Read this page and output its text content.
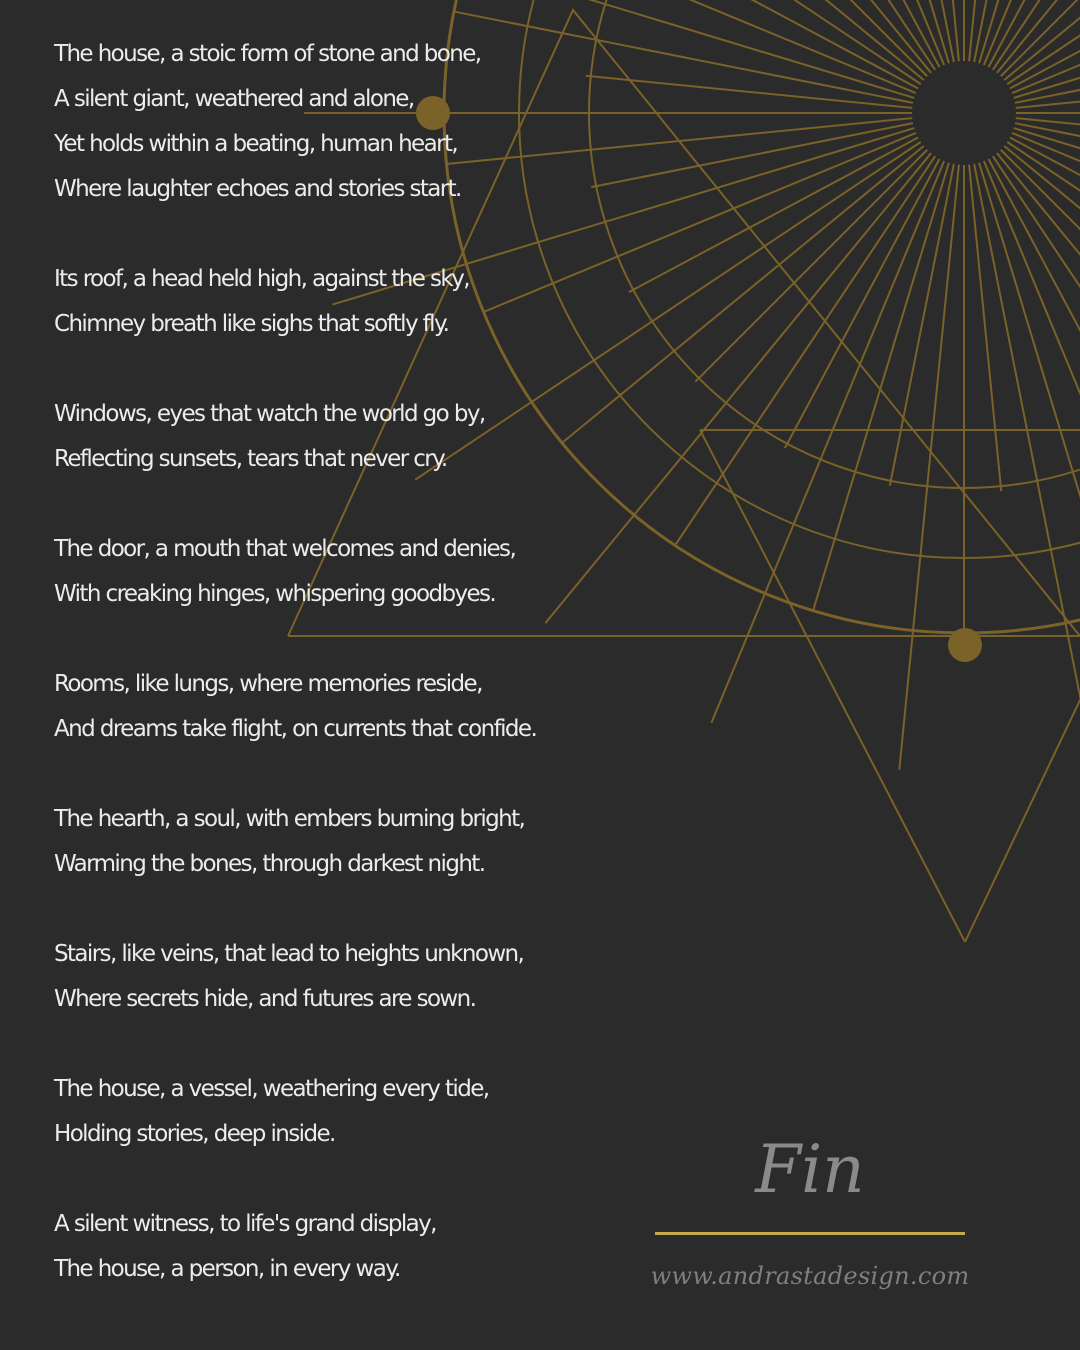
The house, a stoic form of stone and bone,
A silent giant, weathered and alone,
Yet holds within a beating, human heart,
Where laughter echoes and stories start.
Its roof, a head held high, against the sky,
Chimney breath like sighs that softly fly.
Windows, eyes that watch the world go by,
Reflecting sunsets, tears that never cry.
The door, a mouth that welcomes and denies,
With creaking hinges, whispering goodbyes.
Rooms, like lungs, where memories reside,
And dreams take flight, on currents that confide.
The hearth, a soul, with embers burning bright,
Warming the bones, through darkest night.
Stairs, like veins, that lead to heights unknown,
Where secrets hide, and futures are sown.
The house, a vessel, weathering every tide,
Holding stories, deep inside.
A silent witness, to life's grand display,
The house, a person, in every way.
Fin
www.andrastadesign.com
